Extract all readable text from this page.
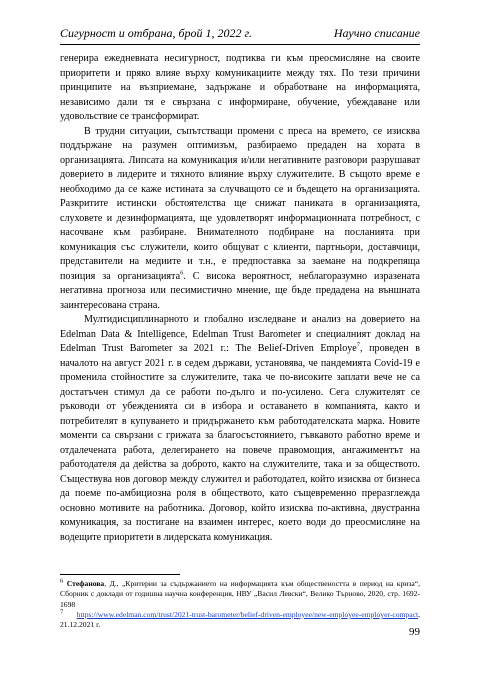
Сигурност и отбрана, брой 1, 2022 г.	Научно списание

генерира ежедневната несигурност, подтиква ги към преосмисляне на своите приоритети и пряко влияе върху комуникациите между тях. По тези причини принципите на възприемане, задържане и обработване на информацията, независимо дали тя е свързана с информиране, обучение, убеждаване или удовольствие се трансформират.

В трудни ситуации, съпътстващи промени с преса на времето, се изисква поддържане на разумен оптимизъм, разбираемо предаден на хората в организацията. Липсата на комуникация и/или негативните разговори разрушават доверието в лидерите и тяхното влияние върху служителите. В същото време е необходимо да се каже истината за случващото се и бъдещето на организацията. Разкритите истински обстоятелства ще снижат паниката в организацията, слуховете и дезинформацията, ще удовлетворят информационната потребност, с насочване към разбиране. Внимателното подбиране на посланията при комуникация със служители, които общуват с клиенти, партньори, доставчици, представители на медиите и т.н., е предпоставка за заемане на подкрепяща позиция за организацията$^6$. С висока вероятност, неблагоразумно изразената негативна прогноза или песимистично мнение, ще бъде предадена на външната заинтересована страна.

Мултидисциплинарното и глобално изследване и анализ на доверието на Edelman Data & Intelligence, Edelman Trust Barometer и специалният доклад на Edelman Trust Barometer за 2021 г.: The Belief-Driven Employe$^7$, проведен в началото на август 2021 г. в седем държави, установява, че пандемията Covid-19 е променила стойностите за служителите, така че по-високите заплати вече не са достатъчен стимул да се работи по-дълго и по-усилено. Сега служителят се ръководи от убежденията си в избора и оставането в компанията, както и потребителят в купуването и придържането към работодателската марка. Новите моменти са свързани с грижата за благосъстоянието, гъвкавото работно време и отдалечената работа, делегирането на повече правомощия, ангажиментът на работодателя да действа за доброто, както на служителите, така и за обществото. Съществува нов договор между служител и работодател, който изисква от бизнеса да поеме по-амбициозна роля в обществото, като същевременно преразглежда основно мотивите на работника. Договор, който изисква по-активна, двустранна комуникация, за постигане на взаимен интерес, което води до преосмисляне на водещите приоритети в лидерската комуникация.

$^6$ Стефанова, Д., „Критерии за съдържанието на информацията към обществеността в период на криза“, Сборник с доклади от годишна научна конференция, НВУ „Васил Левски“, Велико Търново, 2020, стр. 1692-1698

$^7$ https://www.edelman.com/trust/2021-trust-barometer/belief-driven-employee/new-employee-employer-compact, 21.12.2021 г.

99
